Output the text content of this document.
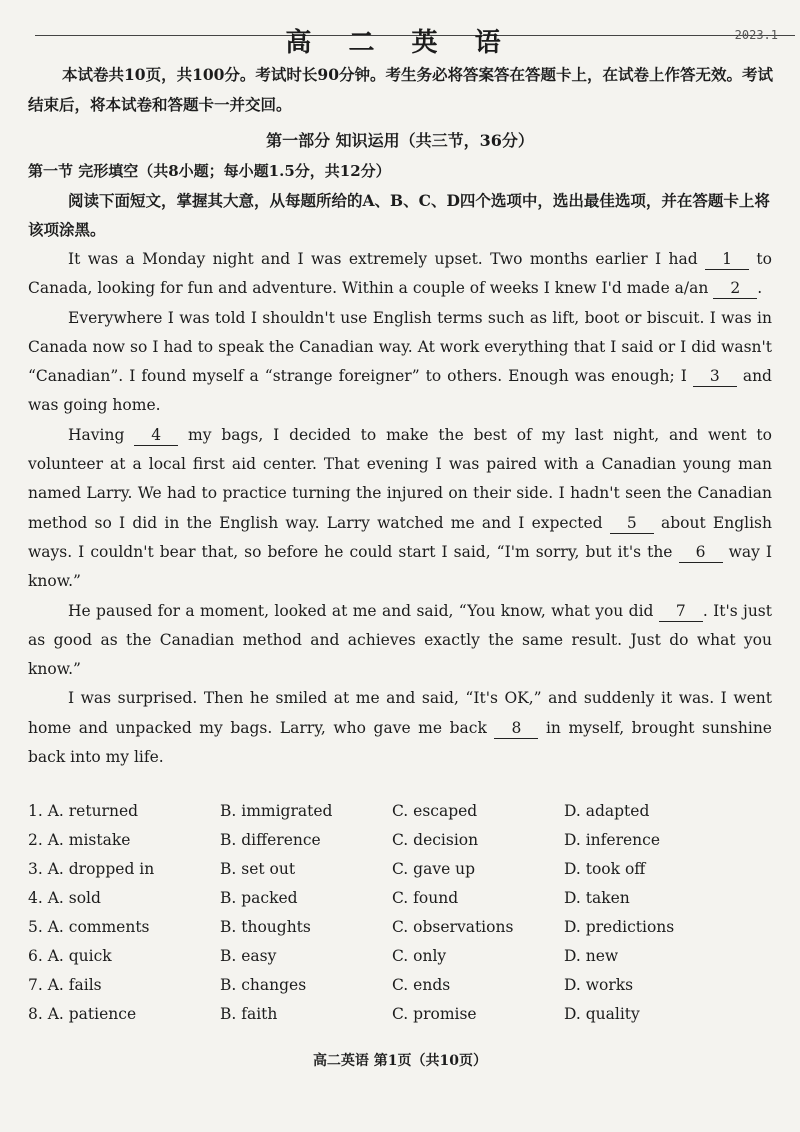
高 二 英 语	2023.1
本试卷共10页，共100分。考试时长90分钟。考生务必将答案答在答题卡上，在试卷上作答无效。考试结束后，将本试卷和答题卡一并交回。
第一部分 知识运用（共三节，36分）
第一节 完形填空（共8小题；每小题1.5分，共12分）
阅读下面短文，掌握其大意，从每题所给的A、B、C、D四个选项中，选出最佳选项，并在答题卡上将该项涂黑。

It was a Monday night and I was extremely upset. Two months earlier I had 1 to Canada, looking for fun and adventure. Within a couple of weeks I knew I'd made a/an 2 .

Everywhere I was told I shouldn't use English terms such as lift, boot or biscuit. I was in Canada now so I had to speak the Canadian way. At work everything that I said or I did wasn't “Canadian”. I found myself a “strange foreigner” to others. Enough was enough; I 3 and was going home.

Having 4 my bags, I decided to make the best of my last night, and went to volunteer at a local first aid center. That evening I was paired with a Canadian young man named Larry. We had to practice turning the injured on their side. I hadn't seen the Canadian method so I did in the English way. Larry watched me and I expected 5 about English ways. I couldn't bear that, so before he could start I said, “I'm sorry, but it's the 6 way I know.”

He paused for a moment, looked at me and said, “You know, what you did 7 . It's just as good as the Canadian method and achieves exactly the same result. Just do what you know.”

I was surprised. Then he smiled at me and said, “It's OK,” and suddenly it was. I went home and unpacked my bags. Larry, who gave me back 8 in myself, brought sunshine back into my life.

1. A. returned	B. immigrated	C. escaped	D. adapted
2. A. mistake	B. difference	C. decision	D. inference
3. A. dropped in	B. set out	C. gave up	D. took off
4. A. sold	B. packed	C. found	D. taken
5. A. comments	B. thoughts	C. observations	D. predictions
6. A. quick	B. easy	C. only	D. new
7. A. fails	B. changes	C. ends	D. works
8. A. patience	B. faith	C. promise	D. quality
高二英语 第1页（共10页）
